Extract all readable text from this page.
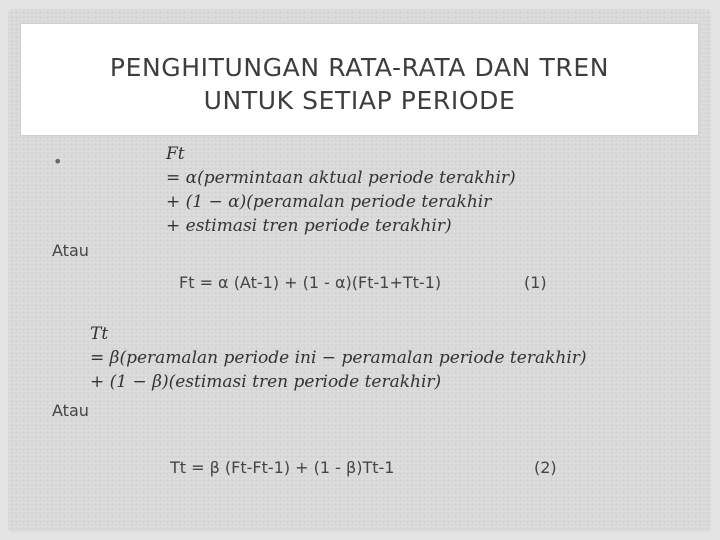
PENGHITUNGAN RATA-RATA DAN TREN
UNTUK SETIAP PERIODE
•	Ft
= α(permintaan aktual periode terakhir)
+ (1 − α)(peramalan periode terakhir
+ estimasi tren periode terakhir)
Atau
Ft = α (At-1) + (1 - α)(Ft-1+Tt-1)	(1)
Tt
= β(peramalan periode ini − peramalan periode terakhir)
+ (1 − β)(estimasi tren periode terakhir)
Atau
Tt = β (Ft-Ft-1) + (1 - β)Tt-1	(2)
